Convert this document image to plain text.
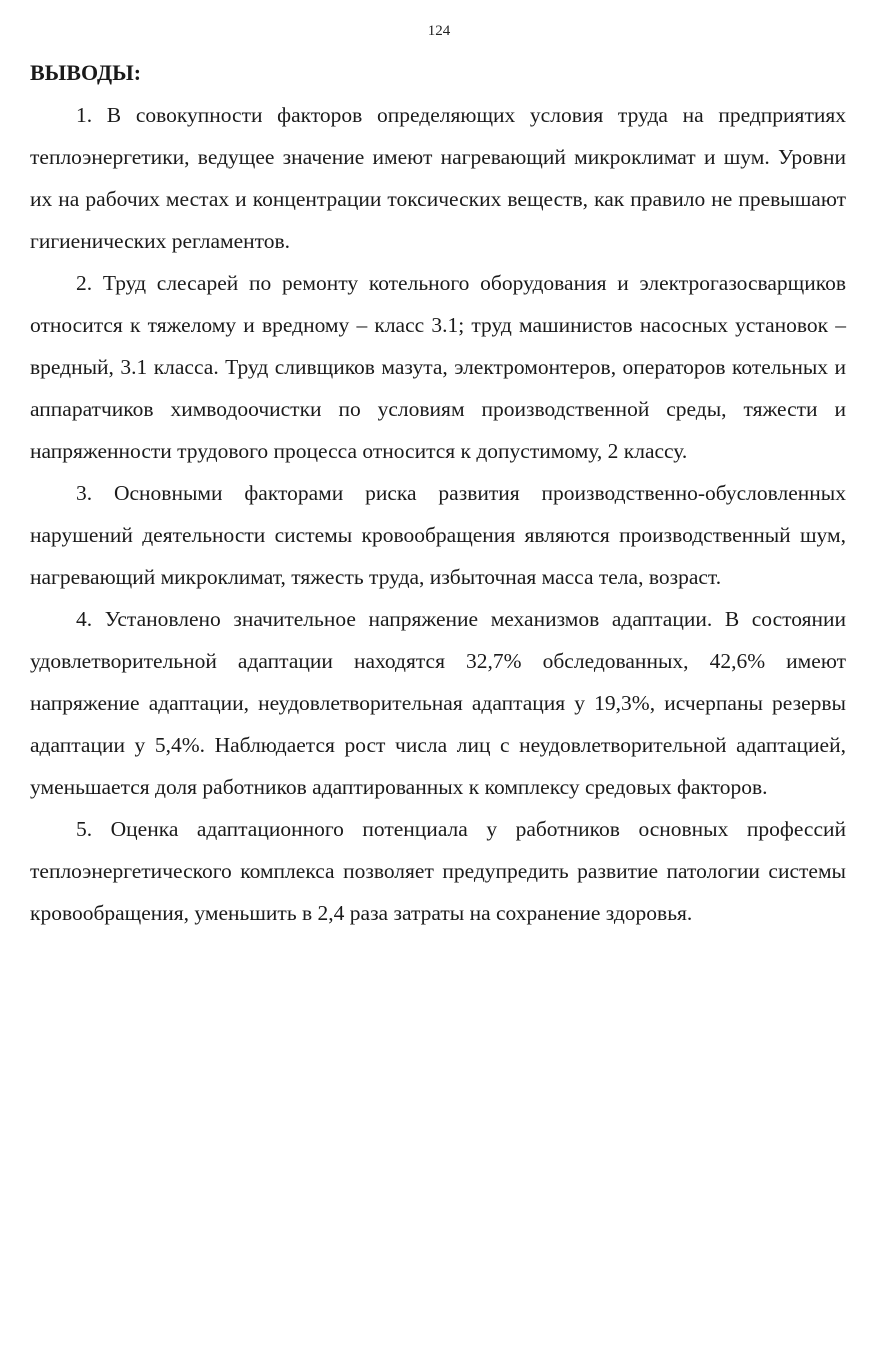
124
ВЫВОДЫ:

1. В совокупности факторов определяющих условия труда на предприятиях теплоэнергетики, ведущее значение имеют нагревающий микроклимат и шум. Уровни их на рабочих местах и концентрации токсических веществ, как правило не превышают гигиенических регламентов.

2. Труд слесарей по ремонту котельного оборудования и электрогазосварщиков относится к тяжелому и вредному – класс 3.1; труд машинистов насосных установок – вредный, 3.1 класса. Труд сливщиков мазута, электромонтеров, операторов котельных и аппаратчиков химводоочистки по условиям производственной среды, тяжести и напряженности трудового процесса относится к допустимому, 2 классу.

3. Основными факторами риска развития производственно-обусловленных нарушений деятельности системы кровообращения являются производственный шум, нагревающий микроклимат, тяжесть труда, избыточная масса тела, возраст.

4. Установлено значительное напряжение механизмов адаптации. В состоянии удовлетворительной адаптации находятся 32,7% обследованных, 42,6% имеют напряжение адаптации, неудовлетворительная адаптация у 19,3%, исчерпаны резервы адаптации у 5,4%. Наблюдается рост числа лиц с неудовлетворительной адаптацией, уменьшается доля работников адаптированных к комплексу средовых факторов.

5. Оценка адаптационного потенциала у работников основных профессий теплоэнергетического комплекса позволяет предупредить развитие патологии системы кровообращения, уменьшить в 2,4 раза затраты на сохранение здоровья.
